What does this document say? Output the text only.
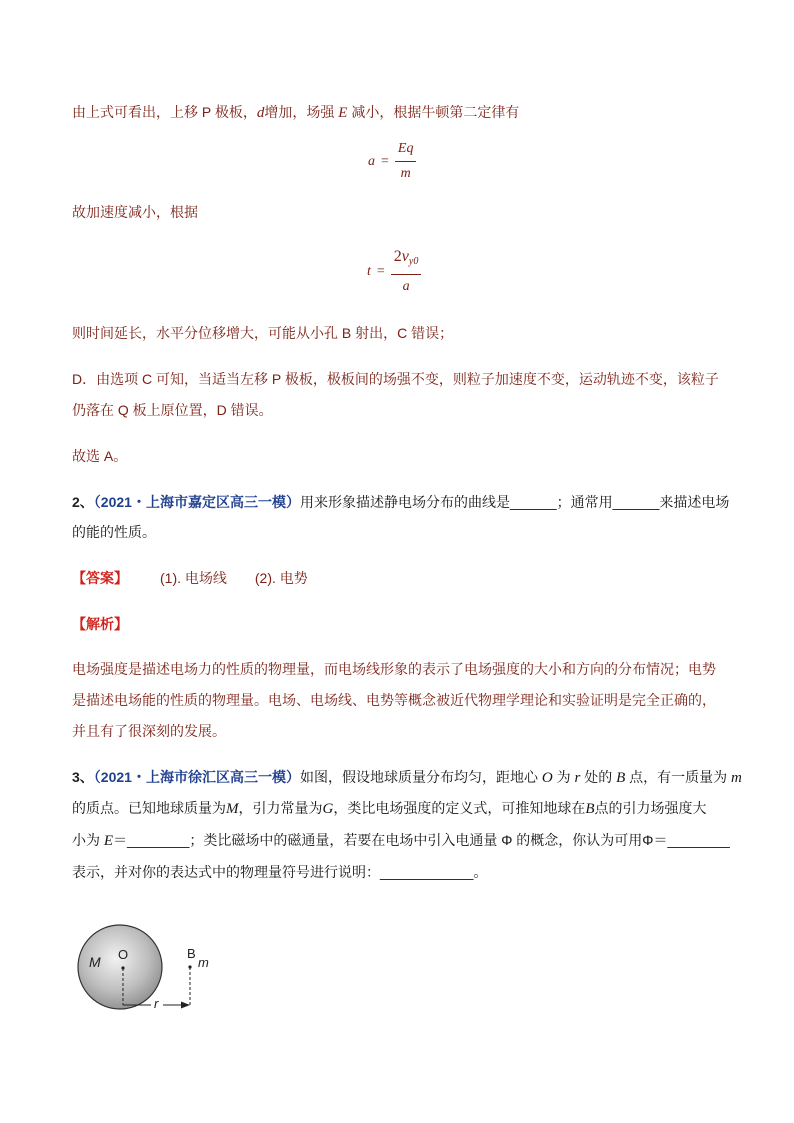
由上式可看出，上移 P 极板，d增加，场强 E 减小，根据牛顿第二定律有
$a = \frac{Eq}{m}$
故加速度减小，根据
$t = \frac{2v_{y0}}{a}$
则时间延长，水平分位移增大，可能从小孔 B 射出，C 错误；
D．由选项 C 可知，当适当左移 P 极板，极板间的场强不变，则粒子加速度不变，运动轨迹不变，该粒子
仍落在 Q 板上原位置，D 错误。
故选 A。
2、（2021・上海市嘉定区高三一模）用来形象描述静电场分布的曲线是______；通常用______来描述电场
的能的性质。
【答案】 (1). 电场线 (2). 电势
【解析】
电场强度是描述电场力的性质的物理量，而电场线形象的表示了电场强度的大小和方向的分布情况；电势
是描述电场能的性质的物理量。电场、电场线、电势等概念被近代物理学理论和实验证明是完全正确的，
并且有了很深刻的发展。
3、（2021・上海市徐汇区高三一模）如图，假设地球质量分布均匀，距地心 O 为 r 处的 B 点，有一质量为 m
的质点。已知地球质量为M，引力常量为G，类比电场强度的定义式，可推知地球在B点的引力场强度大
小为 E＝________；类比磁场中的磁通量，若要在电场中引入电通量 Φ 的概念，你认为可用Φ＝________
表示，并对你的表达式中的物理量符号进行说明：____________。
O
M
B
m
r
